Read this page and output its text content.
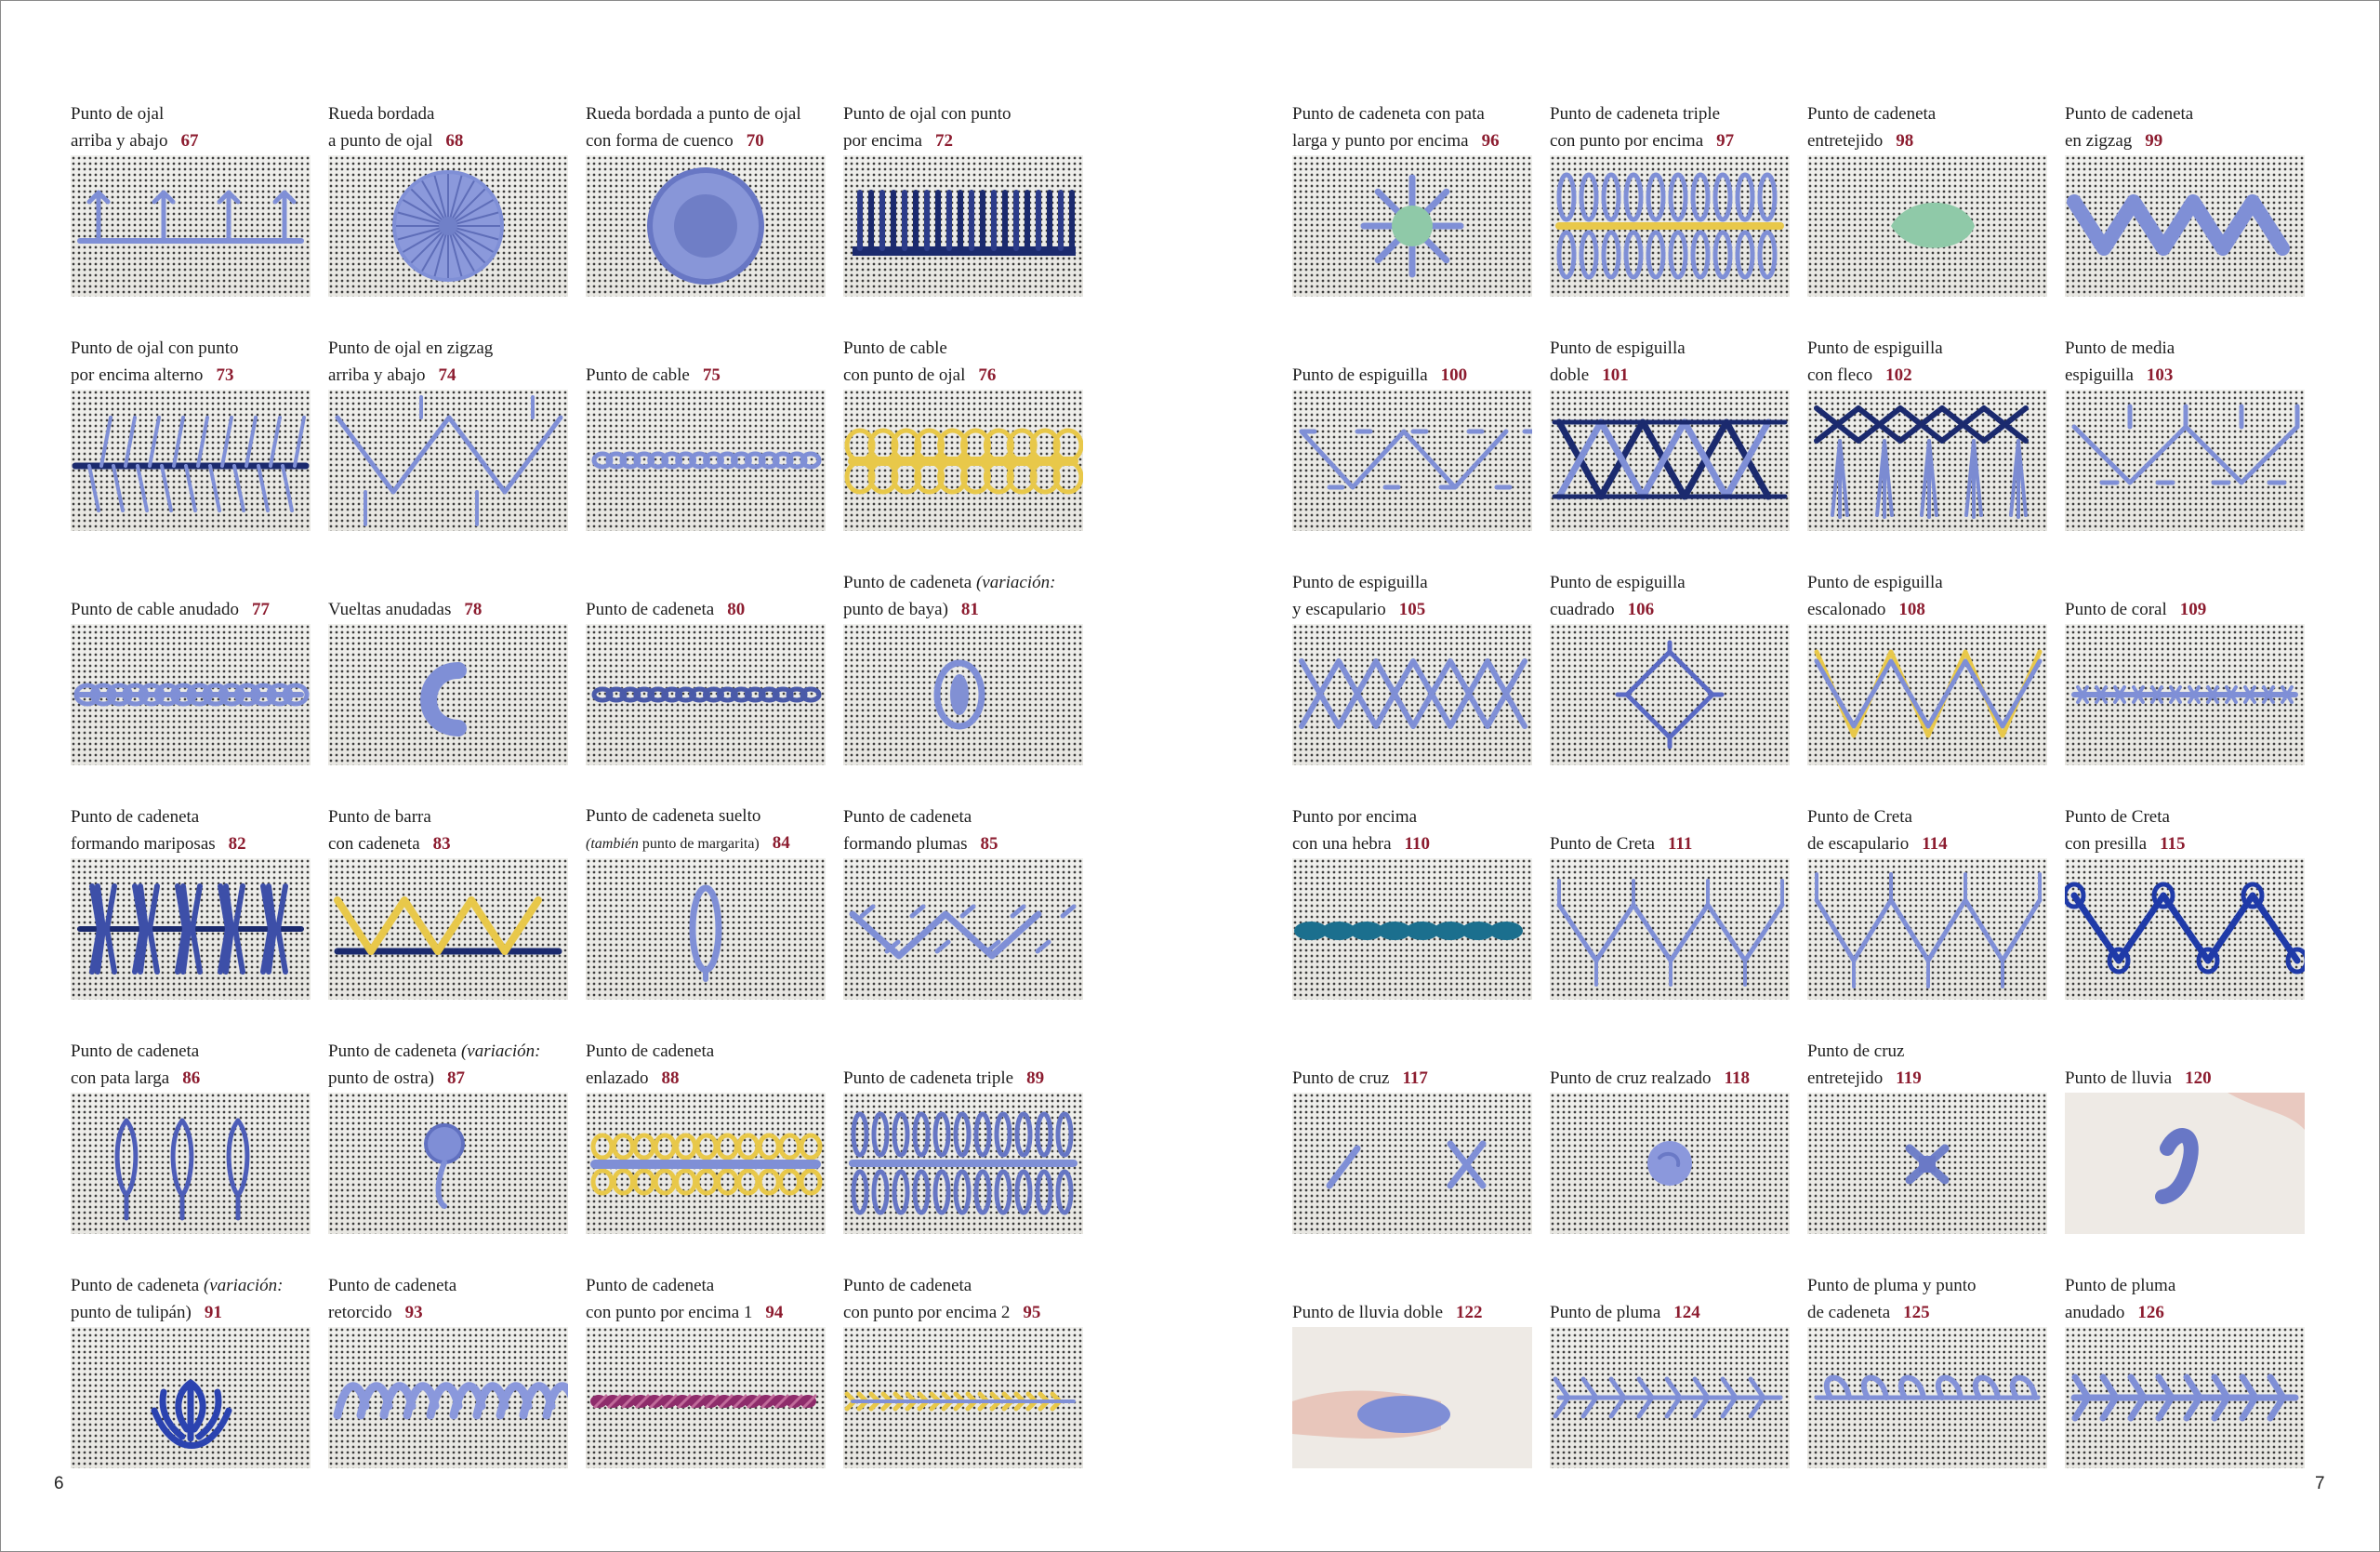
Punto de ojal
arriba y abajo 67
Rueda bordada
a punto de ojal 68
Rueda bordada a punto de ojal
con forma de cuenco 70
Punto de ojal con punto
por encima 72
Punto de ojal con punto
por encima alterno 73
Punto de ojal en zigzag
arriba y abajo 74
	Punto de cable 75
Punto de cable
con punto de ojal 76

Punto de cable anudado 77
	Vueltas anudadas 78
	Punto de cadeneta 80
Punto de cadeneta (variación:
punto de baya) 81
Punto de cadeneta
formando mariposas 82
Punto de barra
con cadeneta 83
Punto de cadeneta suelto
(también punto de margarita) 84
Punto de cadeneta
formando plumas 85
Punto de cadeneta
con pata larga 86
Punto de cadeneta (variación:
punto de ostra) 87
Punto de cadeneta
enlazado 88
	Punto de cadeneta triple 89
Punto de cadeneta (variación:
punto de tulipán) 91
Punto de cadeneta
retorcido 93
Punto de cadeneta
con punto por encima 1 94
Punto de cadeneta
con punto por encima 2 95
6
Punto de cadeneta con pata
larga y punto por encima 96
Punto de cadeneta triple
con punto por encima 97
Punto de cadeneta
entretejido 98
Punto de cadeneta
en zigzag 99

Punto de espiguilla 100
Punto de espiguilla
doble 101
Punto de espiguilla
con fleco 102
Punto de media
espiguilla 103
Punto de espiguilla
y escapulario 105
Punto de espiguilla
cuadrado 106
Punto de espiguilla
escalonado 108
	Punto de coral 109
Punto por encima
con una hebra 110
	Punto de Creta 111
Punto de Creta
de escapulario 114
Punto de Creta
con presilla 115

Punto de cruz 117
	Punto de cruz realzado 118
Punto de cruz
entretejido 119
	Punto de lluvia 120

Punto de lluvia doble 122
	Punto de pluma 124
Punto de pluma y punto
de cadeneta 125
Punto de pluma
anudado 126
7
